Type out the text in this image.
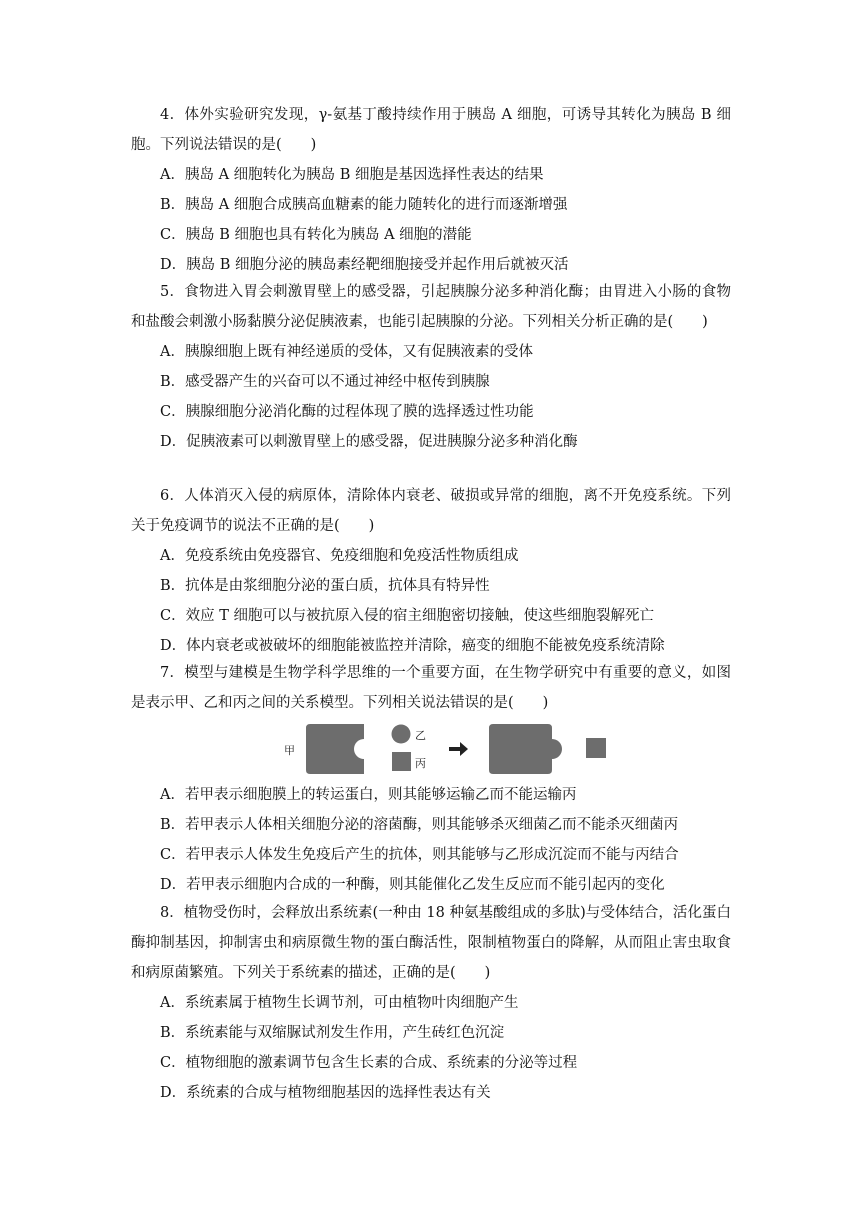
4．体外实验研究发现，γ-氨基丁酸持续作用于胰岛 A 细胞，可诱导其转化为胰岛 B 细胞。下列说法错误的是(　　)
A．胰岛 A 细胞转化为胰岛 B 细胞是基因选择性表达的结果
B．胰岛 A 细胞合成胰高血糖素的能力随转化的进行而逐渐增强
C．胰岛 B 细胞也具有转化为胰岛 A 细胞的潜能
D．胰岛 B 细胞分泌的胰岛素经靶细胞接受并起作用后就被灭活
5．食物进入胃会刺激胃壁上的感受器，引起胰腺分泌多种消化酶；由胃进入小肠的食物和盐酸会刺激小肠黏膜分泌促胰液素，也能引起胰腺的分泌。下列相关分析正确的是(　　)
A．胰腺细胞上既有神经递质的受体，又有促胰液素的受体
B．感受器产生的兴奋可以不通过神经中枢传到胰腺
C．胰腺细胞分泌消化酶的过程体现了膜的选择透过性功能
D．促胰液素可以刺激胃壁上的感受器，促进胰腺分泌多种消化酶
6．人体消灭入侵的病原体，清除体内衰老、破损或异常的细胞，离不开免疫系统。下列关于免疫调节的说法不正确的是(　　)
A．免疫系统由免疫器官、免疫细胞和免疫活性物质组成
B．抗体是由浆细胞分泌的蛋白质，抗体具有特异性
C．效应 T 细胞可以与被抗原入侵的宿主细胞密切接触，使这些细胞裂解死亡
D．体内衰老或被破坏的细胞能被监控并清除，癌变的细胞不能被免疫系统清除
7．模型与建模是生物学科学思维的一个重要方面，在生物学研究中有重要的意义，如图是表示甲、乙和丙之间的关系模型。下列相关说法错误的是(　　)
甲
乙
丙
A．若甲表示细胞膜上的转运蛋白，则其能够运输乙而不能运输丙
B．若甲表示人体相关细胞分泌的溶菌酶，则其能够杀灭细菌乙而不能杀灭细菌丙
C．若甲表示人体发生免疫后产生的抗体，则其能够与乙形成沉淀而不能与丙结合
D．若甲表示细胞内合成的一种酶，则其能催化乙发生反应而不能引起丙的变化
8．植物受伤时，会释放出系统素(一种由 18 种氨基酸组成的多肽)与受体结合，活化蛋白酶抑制基因，抑制害虫和病原微生物的蛋白酶活性，限制植物蛋白的降解，从而阻止害虫取食和病原菌繁殖。下列关于系统素的描述，正确的是(　　)
A．系统素属于植物生长调节剂，可由植物叶肉细胞产生
B．系统素能与双缩脲试剂发生作用，产生砖红色沉淀
C．植物细胞的激素调节包含生长素的合成、系统素的分泌等过程
D．系统素的合成与植物细胞基因的选择性表达有关
